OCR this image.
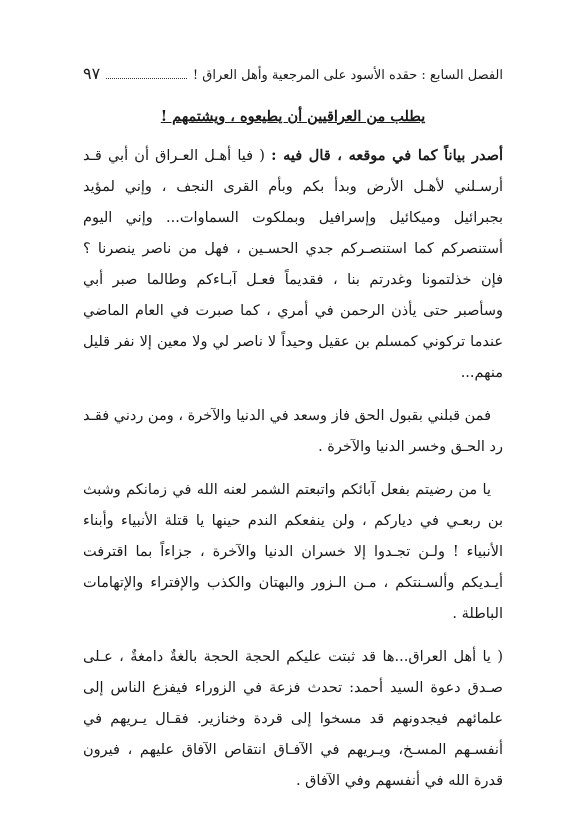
الفصل السابع : حقده الأسود على المرجعية وأهل العراق !
٩٧
يطلب من العراقيين أن يطيعوه ، ويشتمهم !

أصدر بياناً كما في موقعه ، قال فيه : ( فيا أهـل العـراق أن أبي قـد أرسـلني لأهـل الأرض وبدأ بكم وبأم القرى النجف ، وإني لمؤيد بجبرائيل وميكائيل وإسرافيل وبملكوت السماوات... وإني اليوم أستنصركم كما استنصـركم جدي الحسـين ، فهل من ناصر ينصرنا ؟ فإن خذلتمونا وغدرتم بنا ، فقديماً فعـل آبـاءكم وطالما صبر أبي وسأصبر حتى يأذن الرحمن في أمري ، كما صبرت في العام الماضي عندما تركوني كمسلم بن عقيل وحيداً لا ناصر لي ولا معين إلا نفر قليل منهم...

فمن قبلني بقبول الحق فاز وسعد في الدنيا والآخرة ، ومن ردني فقـد رد الحـق وخسر الدنيا والآخرة .

يا من رضيتم بفعل آبائكم واتبعتم الشمر لعنه الله في زمانكم وشبث بن ربعـي في دياركم ، ولن ينفعكم الندم حينها يا قتلة الأنبياء وأبناء الأنبياء ! ولـن تجـدوا إلا خسران الدنيا والآخرة ، جزاءاً بما اقترفت أيـديكم وألسـنتكم ، مـن الـزور والبهتان والكذب والإفتراء والإتهامات الباطلة .

( يا أهل العراق...ها قد ثبتت عليكم الحجة الحجة بالغةٌ دامغةٌ ، عـلى صـدق دعوة السيد أحمد: تحدث فزعة في الزوراء فيفزع الناس إلى علمائهم فيجدونهم قد مسخوا إلى قردة وخنازير. فقـال يـريهم في أنفسـهم المسـخ، ويـريهم في الآفـاق انتقاص الآفاق عليهم ، فيرون قدرة الله في أنفسهم وفي الآفاق .
